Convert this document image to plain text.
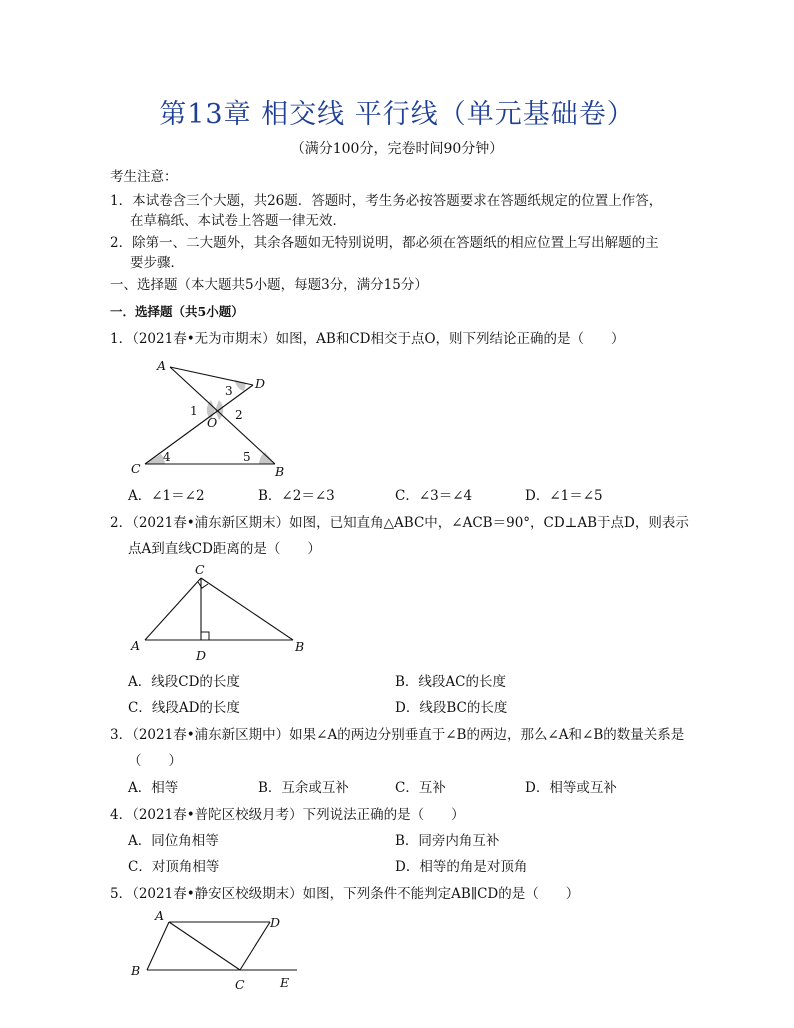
第13章 相交线 平行线（单元基础卷）
（满分100分，完卷时间90分钟）
考生注意：
1．本试卷含三个大题，共26题．答题时，考生务必按答题要求在答题纸规定的位置上作答，
在草稿纸、本试卷上答题一律无效．
2．除第一、二大题外，其余各题如无特别说明，都必须在答题纸的相应位置上写出解题的主
要步骤．
一、选择题（本大题共5小题，每题3分，满分15分）
一．选择题（共5小题）
1．（2021春•无为市期末）如图，AB和CD相交于点O，则下列结论正确的是（　　）
A
D
O
C	B
1	2
3
4	5
A．∠1＝∠2	B．∠2＝∠3	C．∠3＝∠4	D．∠1＝∠5
2．（2021春•浦东新区期末）如图，已知直角△ABC中，∠ACB＝90°，CD⊥AB于点D，则表示
点A到直线CD距离的是（　　）
C
A
D
B
A．线段CD的长度	B．线段AC的长度
C．线段AD的长度	D．线段BC的长度
3．（2021春•浦东新区期中）如果∠A的两边分别垂直于∠B的两边，那么∠A和∠B的数量关系是
（　　）
A．相等	B．互余或互补	C．互补	D．相等或互补
4．（2021春•普陀区校级月考）下列说法正确的是（　　）
A．同位角相等	B．同旁内角互补
C．对顶角相等	D．相等的角是对顶角
5．（2021春•静安区校级期末）如图，下列条件不能判定AB∥CD的是（　　）
A	D
B
C	E
